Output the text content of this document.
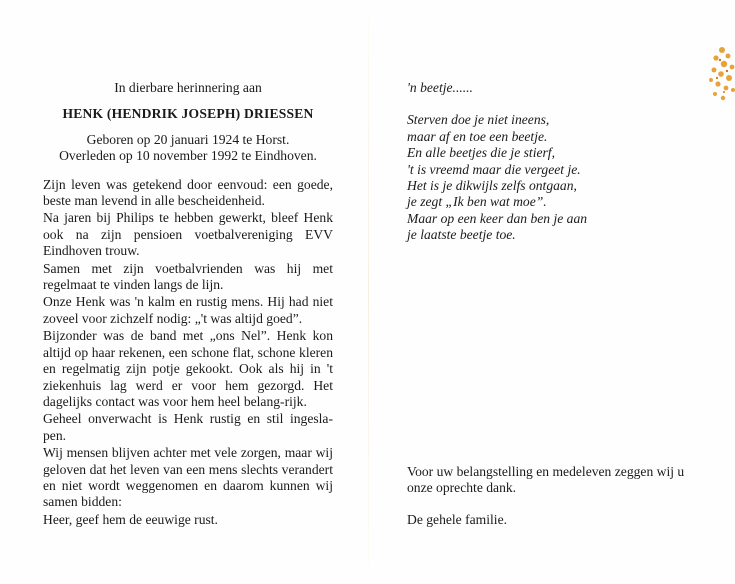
In dierbare herinnering aan
HENK (HENDRIK JOSEPH) DRIESSEN
Geboren op 20 januari 1924 te Horst.
Overleden op 10 november 1992 te Eindhoven.
Zijn leven was getekend door eenvoud: een goede, beste man levend in alle bescheidenheid.
Na jaren bij Philips te hebben gewerkt, bleef Henk ook na zijn pensioen voetbalvereniging EVV Eindhoven trouw.
Samen met zijn voetbalvrienden was hij met regelmaat te vinden langs de lijn.
Onze Henk was 'n kalm en rustig mens. Hij had niet zoveel voor zichzelf nodig: „'t was altijd goed”.
Bijzonder was de band met „ons Nel”. Henk kon altijd op haar rekenen, een schone flat, schone kleren en regelmatig zijn potje gekookt. Ook als hij in 't ziekenhuis lag werd er voor hem gezorgd. Het dagelijks contact was voor hem heel belang-rijk.
Geheel onverwacht is Henk rustig en stil ingesla-pen.
Wij mensen blijven achter met vele zorgen, maar wij geloven dat het leven van een mens slechts verandert en niet wordt weggenomen en daarom kunnen wij samen bidden:
Heer, geef hem de eeuwige rust.
'n beetje......
Sterven doe je niet ineens,
maar af en toe een beetje.
En alle beetjes die je stierf,
't is vreemd maar die vergeet je.
Het is je dikwijls zelfs ontgaan,
je zegt „Ik ben wat moe”.
Maar op een keer dan ben je aan
je laatste beetje toe.
Voor uw belangstelling en medeleven zeggen wij u onze oprechte dank.
De gehele familie.
